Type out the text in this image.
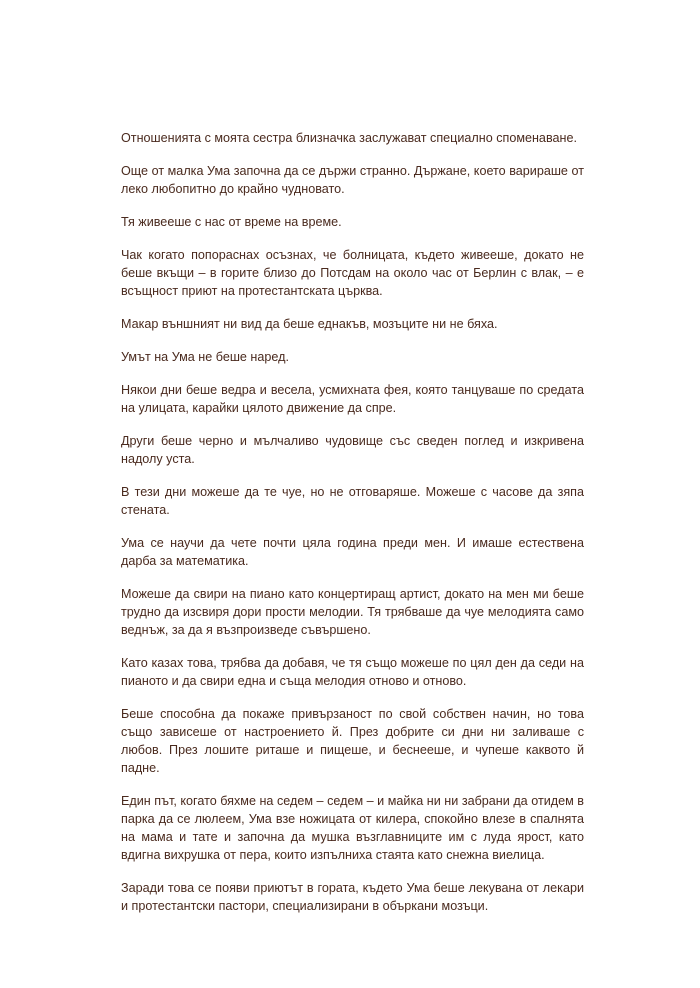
Отношенията с моята сестра близначка заслужават специално споменаване.

Още от малка Ума започна да се държи странно. Държане, което варираше от леко любопитно до крайно чудновато.

Тя живееше с нас от време на време.

Чак когато попораснах осъзнах, че болницата, където живееше, докато не беше вкъщи – в горите близо до Потсдам на около час от Берлин с влак, – е всъщност приют на протестантската църква.

Макар външният ни вид да беше еднакъв, мозъците ни не бяха.

Умът на Ума не беше наред.

Някои дни беше ведра и весела, усмихната фея, която танцуваше по средата на улицата, карайки цялото движение да спре.

Други беше черно и мълчаливо чудовище със сведен поглед и изкривена надолу уста.

В тези дни можеше да те чуе, но не отговаряше. Можеше с часове да зяпа стената.

Ума се научи да чете почти цяла година преди мен. И имаше естествена дарба за математика.

Можеше да свири на пиано като концертиращ артист, докато на мен ми беше трудно да изсвиря дори прости мелодии. Тя трябваше да чуе мелодията само веднъж, за да я възпроизведе съвършено.

Като казах това, трябва да добавя, че тя също можеше по цял ден да седи на пианото и да свири една и съща мелодия отново и отново.

Беше способна да покаже привързаност по свой собствен начин, но това също зависеше от настроението й. През добрите си дни ни заливаше с любов. През лошите риташе и пищеше, и беснееше, и чупеше каквото й падне.

Един път, когато бяхме на седем – седем – и майка ни ни забрани да отидем в парка да се люлеем, Ума взе ножицата от килера, спокойно влезе в спалнята на мама и тате и започна да мушка възглавниците им с луда ярост, като вдигна вихрушка от пера, които изпълниха стаята като снежна виелица.

Заради това се появи приютът в гората, където Ума беше лекувана от лекари и протестантски пастори, специализирани в объркани мозъци.
